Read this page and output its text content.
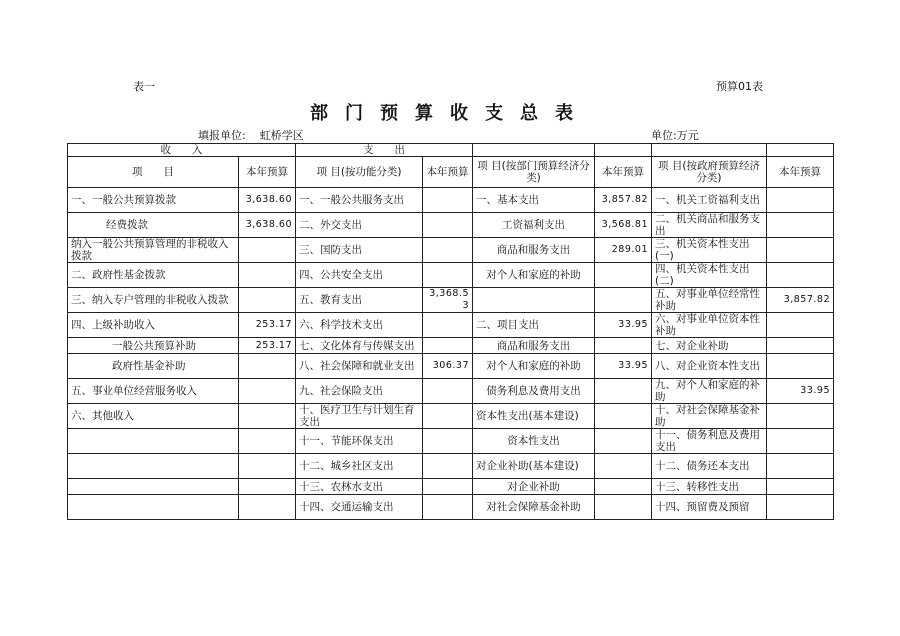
表一	预算01表
部门预算收支总表
填报单位: 虹桥学区	单位:万元
收　　入		支　　出					
项　　目	本年预算	项 目(按功能分类)	本年预算	项 目(按部门预算经济分类)	本年预算	项 目(按政府预算经济分类)	本年预算
一、一般公共预算拨款	3,638.60	一、一般公共服务支出		一、基本支出	3,857.82	一、机关工资福利支出	
经费拨款	3,638.60	二、外交支出		工资福利支出	3,568.81	二、机关商品和服务支出	
纳入一般公共预算管理的非税收入拨款		三、国防支出		商品和服务支出	289.01	三、机关资本性支出(一)	
二、政府性基金拨款		四、公共安全支出		对个人和家庭的补助		四、机关资本性支出(二)	
三、纳入专户管理的非税收入拨款		五、教育支出	3,368.53			五、对事业单位经常性补助	3,857.82
四、上级补助收入	253.17	六、科学技术支出		二、项目支出	33.95	六、对事业单位资本性补助	
一般公共预算补助	253.17	七、文化体育与传媒支出		商品和服务支出		七、对企业补助	
政府性基金补助		八、社会保障和就业支出	306.37	对个人和家庭的补助	33.95	八、对企业资本性支出	
五、事业单位经营服务收入		九、社会保险支出		债务利息及费用支出		九、对个人和家庭的补助	33.95
六、其他收入		十、医疗卫生与计划生育支出		资本性支出(基本建设)		十、对社会保障基金补助	
		十一、节能环保支出		资本性支出		十一、债务利息及费用支出	
		十二、城乡社区支出		对企业补助(基本建设)		十二、债务还本支出	
		十三、农林水支出		对企业补助		十三、转移性支出	
		十四、交通运输支出		对社会保障基金补助		十四、预留费及预留	
